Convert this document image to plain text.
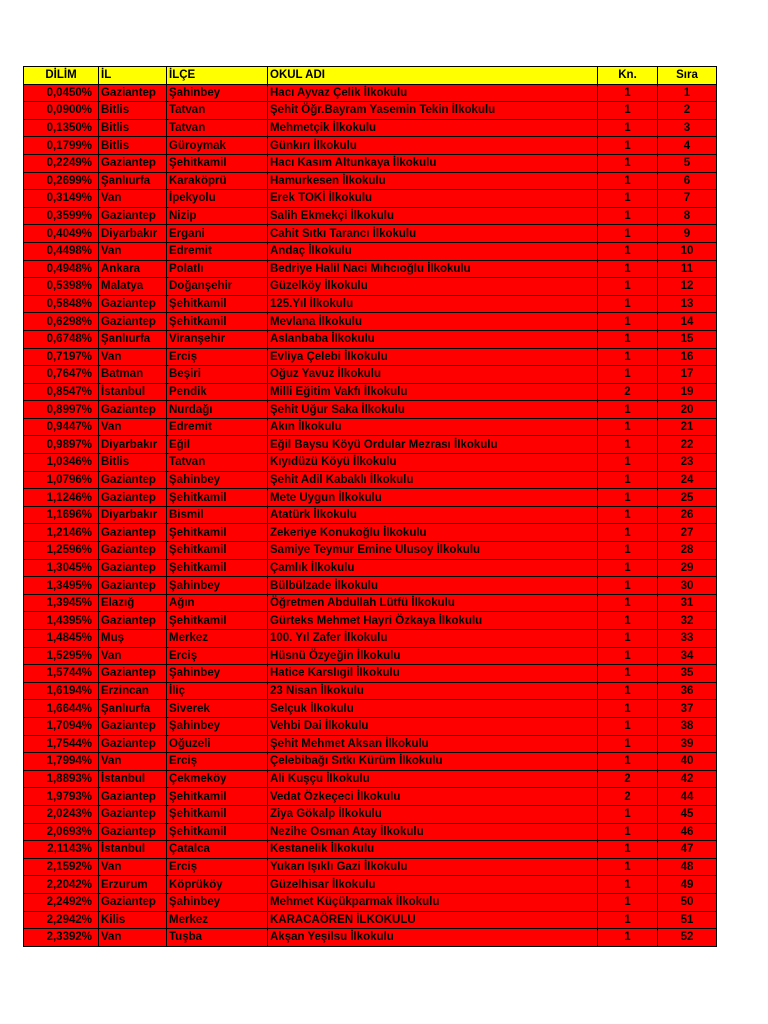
DİLİM	İL	İLÇE	OKUL ADI	Kn.	Sıra
0,0450%	Gaziantep	Şahinbey	Hacı Ayvaz Çelik İlkokulu	1	1
0,0900%	Bitlis	Tatvan	Şehit Öğr.Bayram Yasemin Tekin İlkokulu	1	2
0,1350%	Bitlis	Tatvan	Mehmetçik İlkokulu	1	3
0,1799%	Bitlis	Güroymak	Günkırı İlkokulu	1	4
0,2249%	Gaziantep	Şehitkamil	Hacı Kasım Altunkaya İlkokulu	1	5
0,2699%	Şanlıurfa	Karaköprü	Hamurkesen İlkokulu	1	6
0,3149%	Van	İpekyolu	Erek TOKİ İlkokulu	1	7
0,3599%	Gaziantep	Nizip	Salih Ekmekçi İlkokulu	1	8
0,4049%	Diyarbakır	Ergani	Cahit Sıtkı Tarancı İlkokulu	1	9
0,4498%	Van	Edremit	Andaç İlkokulu	1	10
0,4948%	Ankara	Polatlı	Bedriye Halil Naci Mıhcıoğlu İlkokulu	1	11
0,5398%	Malatya	Doğanşehir	Güzelköy İlkokulu	1	12
0,5848%	Gaziantep	Şehitkamil	125.Yıl İlkokulu	1	13
0,6298%	Gaziantep	Şehitkamil	Mevlana İlkokulu	1	14
0,6748%	Şanlıurfa	Viranşehir	Aslanbaba İlkokulu	1	15
0,7197%	Van	Erciş	Evliya Çelebi İlkokulu	1	16
0,7647%	Batman	Beşiri	Oğuz Yavuz İlkokulu	1	17
0,8547%	İstanbul	Pendik	Milli Eğitim Vakfı İlkokulu	2	19
0,8997%	Gaziantep	Nurdağı	Şehit Uğur Saka İlkokulu	1	20
0,9447%	Van	Edremit	Akın İlkokulu	1	21
0,9897%	Diyarbakır	Eğil	Eğil Baysu Köyü Ordular Mezrası İlkokulu	1	22
1,0346%	Bitlis	Tatvan	Kıyıdüzü Köyü İlkokulu	1	23
1,0796%	Gaziantep	Şahinbey	Şehit Adil Kabaklı İlkokulu	1	24
1,1246%	Gaziantep	Şehitkamil	Mete Uygun İlkokulu	1	25
1,1696%	Diyarbakır	Bismil	Atatürk İlkokulu	1	26
1,2146%	Gaziantep	Şehitkamil	Zekeriye Konukoğlu İlkokulu	1	27
1,2596%	Gaziantep	Şehitkamil	Samiye Teymur Emine Ulusoy İlkokulu	1	28
1,3045%	Gaziantep	Şehitkamil	Çamlık İlkokulu	1	29
1,3495%	Gaziantep	Şahinbey	Bülbülzade İlkokulu	1	30
1,3945%	Elazığ	Ağın	Öğretmen Abdullah Lütfü İlkokulu	1	31
1,4395%	Gaziantep	Şehitkamil	Gürteks Mehmet Hayri Özkaya İlkokulu	1	32
1,4845%	Muş	Merkez	100. Yıl Zafer İlkokulu	1	33
1,5295%	Van	Erciş	Hüsnü Özyeğin İlkokulu	1	34
1,5744%	Gaziantep	Şahinbey	Hatice Karslıgil İlkokulu	1	35
1,6194%	Erzincan	İliç	23 Nisan İlkokulu	1	36
1,6644%	Şanlıurfa	Siverek	Selçuk İlkokulu	1	37
1,7094%	Gaziantep	Şahinbey	Vehbi Dai İlkokulu	1	38
1,7544%	Gaziantep	Oğuzeli	Şehit Mehmet Aksan İlkokulu	1	39
1,7994%	Van	Erciş	Çelebibağı Sıtkı Kürüm İlkokulu	1	40
1,8893%	İstanbul	Çekmeköy	Ali Kuşçu İlkokulu	2	42
1,9793%	Gaziantep	Şehitkamil	Vedat Özkeçeci İlkokulu	2	44
2,0243%	Gaziantep	Şehitkamil	Ziya Gökalp İlkokulu	1	45
2,0693%	Gaziantep	Şehitkamil	Nezihe Osman Atay İlkokulu	1	46
2,1143%	İstanbul	Çatalca	Kestanelik İlkokulu	1	47
2,1592%	Van	Erciş	Yukarı Işıklı Gazi İlkokulu	1	48
2,2042%	Erzurum	Köprüköy	Güzelhisar İlkokulu	1	49
2,2492%	Gaziantep	Şahinbey	Mehmet Küçükparmak İlkokulu	1	50
2,2942%	Kilis	Merkez	KARACAÖREN İLKOKULU	1	51
2,3392%	Van	Tuşba	Akşan Yeşilsu İlkokulu	1	52
